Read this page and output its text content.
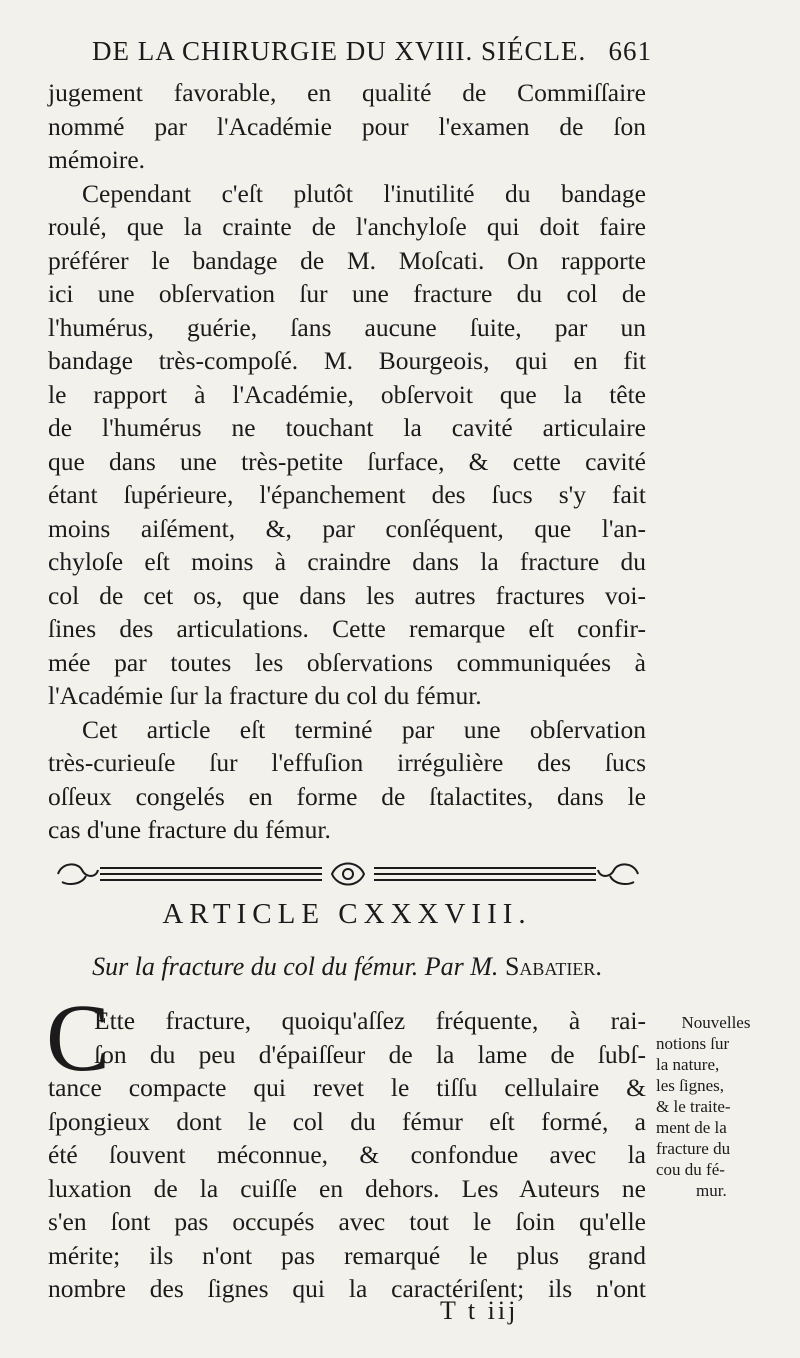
DE LA CHIRURGIE DU XVIII. SIÉCLE. 661

jugement favorable, en qualité de Commiſſaire
nommé par l'Académie pour l'examen de ſon
mémoire.

Cependant c'eſt plutôt l'inutilité du bandage
roulé, que la crainte de l'anchyloſe qui doit faire
préférer le bandage de M. Moſcati. On rapporte
ici une obſervation ſur une fracture du col de
l'humérus, guérie, ſans aucune ſuite, par un
bandage très-compoſé. M. Bourgeois, qui en fit
le rapport à l'Académie, obſervoit que la tête
de l'humérus ne touchant la cavité articulaire
que dans une très-petite ſurface, & cette cavité
étant ſupérieure, l'épanchement des ſucs s'y fait
moins aiſément, &, par conſéquent, que l'an-
chyloſe eſt moins à craindre dans la fracture du
col de cet os, que dans les autres fractures voi-
ſines des articulations. Cette remarque eſt confir-
mée par toutes les obſervations communiquées à
l'Académie ſur la fracture du col du fémur.

Cet article eſt terminé par une obſervation
très-curieuſe ſur l'effuſion irrégulière des ſucs
oſſeux congelés en forme de ſtalactites, dans le
cas d'une fracture du fémur.

ARTICLE CXXXVIII.
Sur la fracture du col du fémur. Par M. Sabatier.
C
Ette fracture, quoiqu'aſſez fréquente, à rai-
ſon du peu d'épaiſſeur de la lame de ſubſ-
tance compacte qui revet le tiſſu cellulaire &
ſpongieux dont le col du fémur eſt formé, a
été ſouvent méconnue, & confondue avec la
luxation de la cuiſſe en dehors. Les Auteurs ne
s'en ſont pas occupés avec tout le ſoin qu'elle
mérite; ils n'ont pas remarqué le plus grand
nombre des ſignes qui la caractériſent; ils n'ont
Nouvelles
notions ſur
la nature,
les ſignes,
& le traite-
ment de la
fracture du
cou du fé-
mur.
T t iij
